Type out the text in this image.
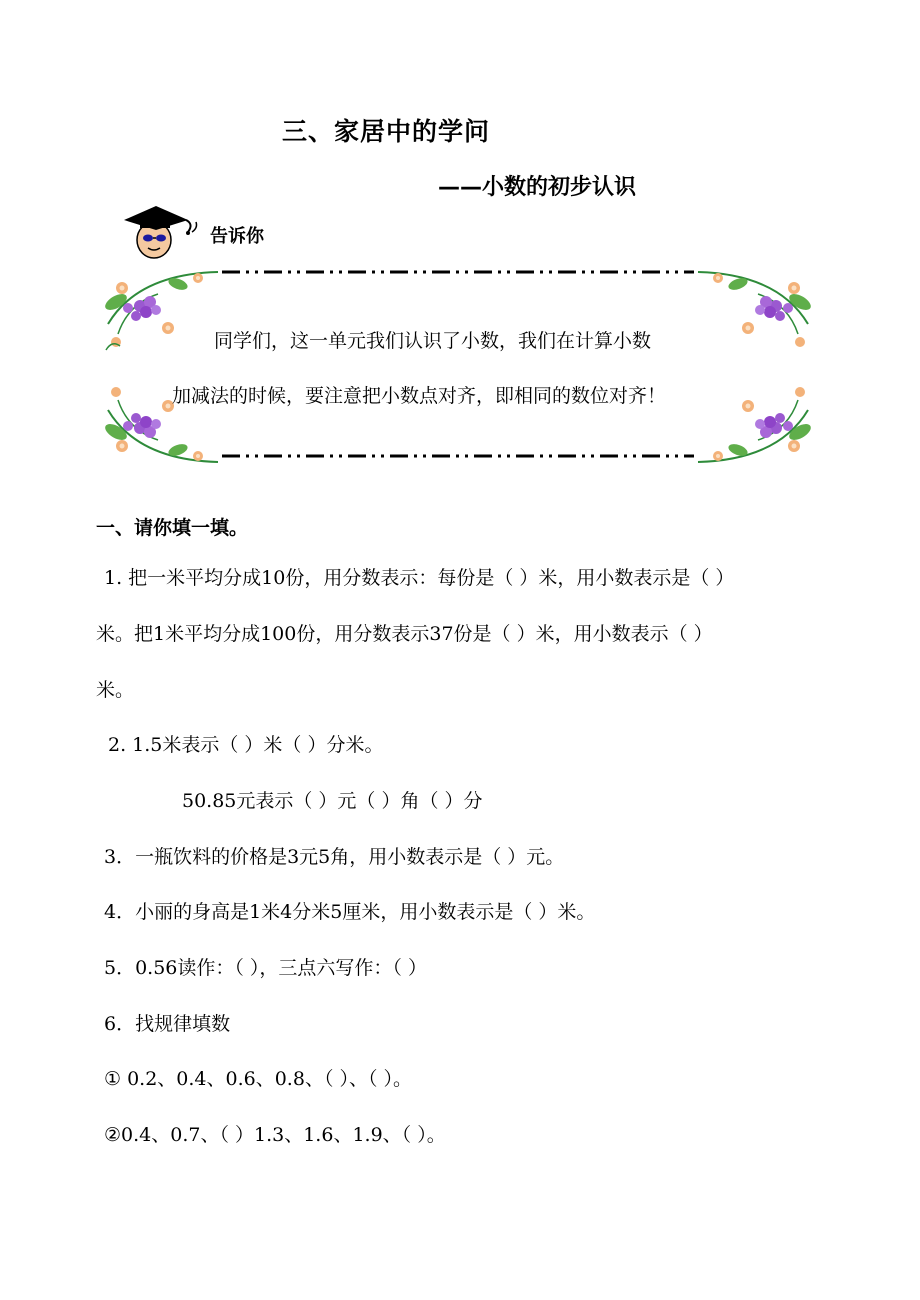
三、家居中的学问
——小数的初步认识
告诉你
同学们，这一单元我们认识了小数，我们在计算小数
加减法的时候，要注意把小数点对齐，即相同的数位对齐！
一、请你填一填。
1. 把一米平均分成10份，用分数表示：每份是（ ）米，用小数表示是（ ）
米。把1米平均分成100份，用分数表示37份是（ ）米，用小数表示（ ）
米。
2. 1.5米表示（ ）米（ ）分米。
50.85元表示（ ）元（ ）角（ ）分
3．一瓶饮料的价格是3元5角，用小数表示是（ ）元。
4．小丽的身高是1米4分米5厘米，用小数表示是（ ）米。
5．0.56读作：（ ），三点六写作：（ ）
6．找规律填数
① 0.2、0.4、0.6、0.8、（ ）、（ ）。
②0.4、0.7、（ ）1.3、1.6、1.9、（ ）。
